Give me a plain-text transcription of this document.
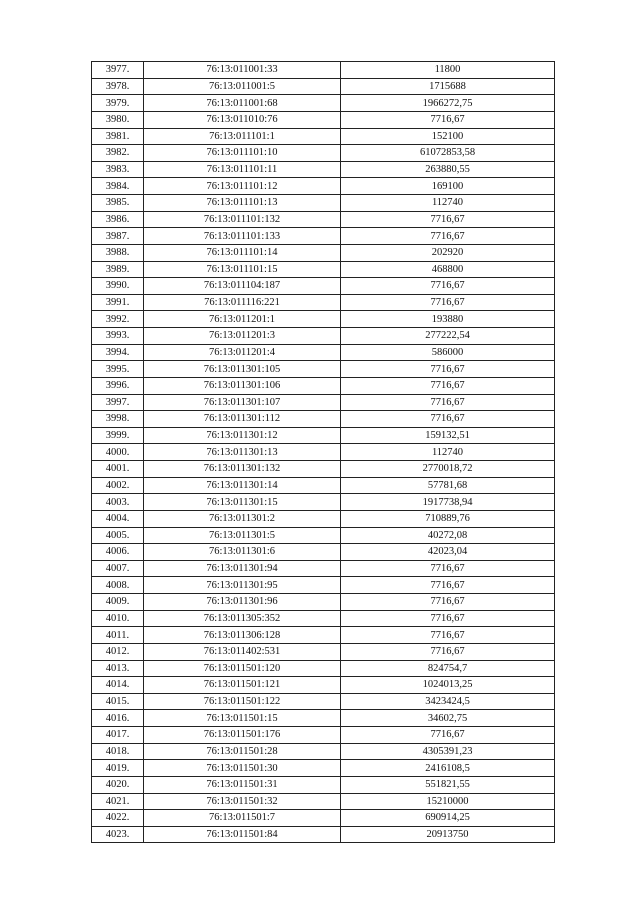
3977.	76:13:011001:33	11800
3978.	76:13:011001:5	1715688
3979.	76:13:011001:68	1966272,75
3980.	76:13:011010:76	7716,67
3981.	76:13:011101:1	152100
3982.	76:13:011101:10	61072853,58
3983.	76:13:011101:11	263880,55
3984.	76:13:011101:12	169100
3985.	76:13:011101:13	112740
3986.	76:13:011101:132	7716,67
3987.	76:13:011101:133	7716,67
3988.	76:13:011101:14	202920
3989.	76:13:011101:15	468800
3990.	76:13:011104:187	7716,67
3991.	76:13:011116:221	7716,67
3992.	76:13:011201:1	193880
3993.	76:13:011201:3	277222,54
3994.	76:13:011201:4	586000
3995.	76:13:011301:105	7716,67
3996.	76:13:011301:106	7716,67
3997.	76:13:011301:107	7716,67
3998.	76:13:011301:112	7716,67
3999.	76:13:011301:12	159132,51
4000.	76:13:011301:13	112740
4001.	76:13:011301:132	2770018,72
4002.	76:13:011301:14	57781,68
4003.	76:13:011301:15	1917738,94
4004.	76:13:011301:2	710889,76
4005.	76:13:011301:5	40272,08
4006.	76:13:011301:6	42023,04
4007.	76:13:011301:94	7716,67
4008.	76:13:011301:95	7716,67
4009.	76:13:011301:96	7716,67
4010.	76:13:011305:352	7716,67
4011.	76:13:011306:128	7716,67
4012.	76:13:011402:531	7716,67
4013.	76:13:011501:120	824754,7
4014.	76:13:011501:121	1024013,25
4015.	76:13:011501:122	3423424,5
4016.	76:13:011501:15	34602,75
4017.	76:13:011501:176	7716,67
4018.	76:13:011501:28	4305391,23
4019.	76:13:011501:30	2416108,5
4020.	76:13:011501:31	551821,55
4021.	76:13:011501:32	15210000
4022.	76:13:011501:7	690914,25
4023.	76:13:011501:84	20913750
